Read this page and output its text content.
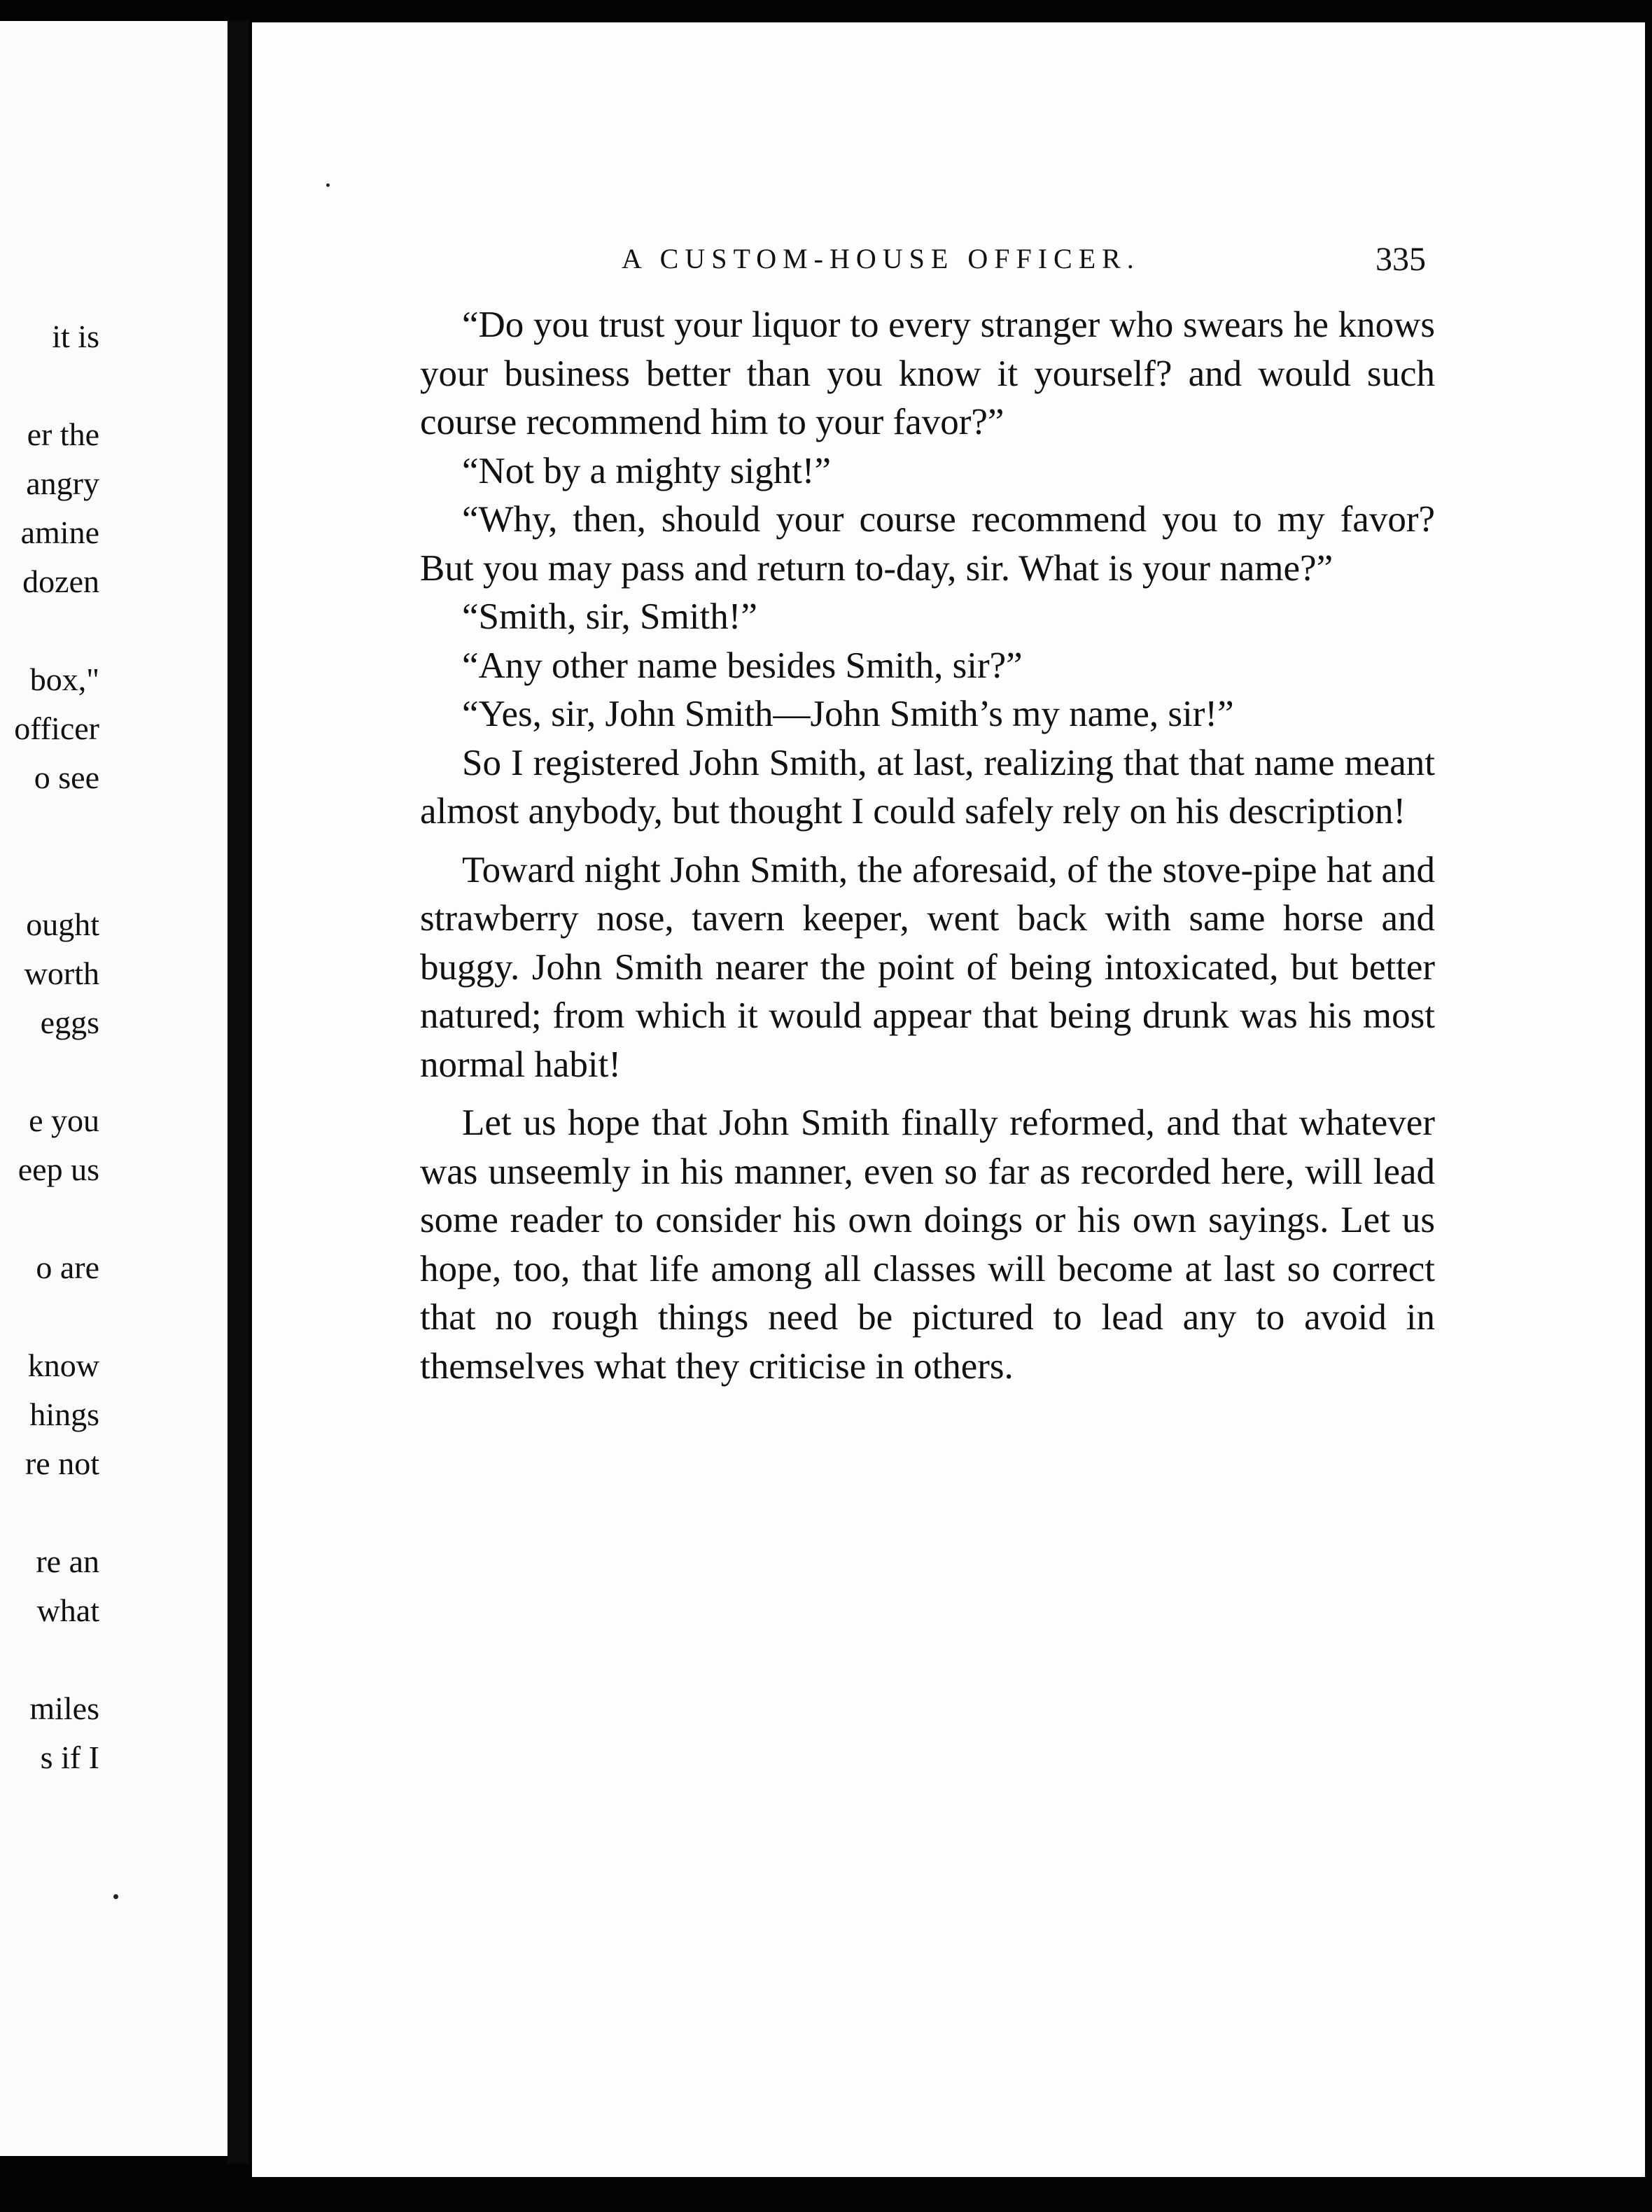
it is
er the
angry
amine
dozen
box,"
officer
o see
ought
worth
eggs
e you
eep us
o are
know
hings
re not
re an
what
miles
s if I
A CUSTOM-HOUSE OFFICER.	335

“Do you trust your liquor to every stranger who swears he knows your business better than you know it yourself? and would such course recommend him to your favor?”

“Not by a mighty sight!”

“Why, then, should your course recommend you to my favor? But you may pass and return to-day, sir. What is your name?”

“Smith, sir, Smith!”

“Any other name besides Smith, sir?”

“Yes, sir, John Smith—John Smith’s my name, sir!”

So I registered John Smith, at last, realizing that that name meant almost anybody, but thought I could safely rely on his description!

Toward night John Smith, the aforesaid, of the stove-pipe hat and strawberry nose, tavern keeper, went back with same horse and buggy. John Smith nearer the point of being intoxicated, but better natured; from which it would appear that being drunk was his most normal habit!

Let us hope that John Smith finally reformed, and that whatever was unseemly in his manner, even so far as recorded here, will lead some reader to consider his own doings or his own sayings. Let us hope, too, that life among all classes will become at last so correct that no rough things need be pictured to lead any to avoid in themselves what they criticise in others.
